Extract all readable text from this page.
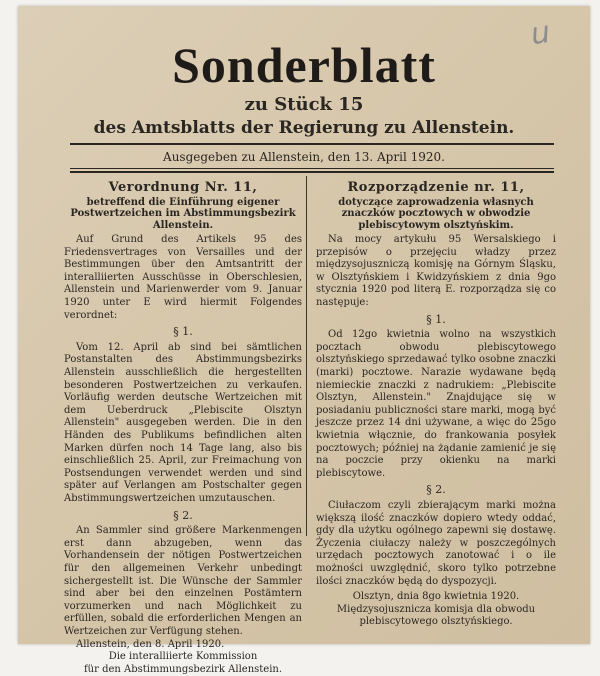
u
Sonderblatt
zu Stück 15
des Amtsblatts der Regierung zu Allenstein.
Ausgegeben zu Allenstein, den 13. April 1920.

Verordnung Nr. 11,

betreffend die Einführung eigener Postwertzeichen im Abstimmungsbezirk Allenstein.

Auf Grund des Artikels 95 des Friedensvertrages von Versailles und der Bestimmungen über den Amtsantritt der interalliierten Ausschüsse in Oberschlesien, Allenstein und Marienwerder vom 9. Januar 1920 unter E wird hiermit Folgendes verordnet:

§ 1.

Vom 12. April ab sind bei sämtlichen Postanstalten des Abstimmungsbezirks Allenstein ausschließlich die hergestellten besonderen Postwertzeichen zu verkaufen. Vorläufig werden deutsche Wertzeichen mit dem Ueberdruck „Plebiscite Olsztyn Allenstein" ausgegeben werden. Die in den Händen des Publikums befindlichen alten Marken dürfen noch 14 Tage lang, also bis einschließlich 25. April, zur Freimachung von Postsendungen verwendet werden und sind später auf Verlangen am Postschalter gegen Abstimmungswertzeichen umzutauschen.

§ 2.

An Sammler sind größere Markenmengen erst dann abzugeben, wenn das Vorhandensein der nötigen Postwertzeichen für den allgemeinen Verkehr unbedingt sichergestellt ist. Die Wünsche der Sammler sind aber bei den einzelnen Postämtern vorzumerken und nach Möglichkeit zu erfüllen, sobald die erforderlichen Mengen an Wertzeichen zur Verfügung stehen.

Allenstein, den 8. April 1920.

Die interalliierte Kommission

für den Abstimmungsbezirk Allenstein.

Rozporządzenie nr. 11,

dotyczące zaprowadzenia własnych znaczków pocztowych w obwodzie plebiscytowym olsztyńskim.

Na mocy artykułu 95 Wersalskiego i przepisów o przejęciu władzy przez międzysojuszniczą komisję na Górnym Śląsku, w Olsztyńskiem i Kwidzyńskiem z dnia 9go stycznia 1920 pod literą E. rozporządza się co następuje:

§ 1.

Od 12go kwietnia wolno na wszystkich pocztach obwodu plebiscytowego olsztyńskiego sprzedawać tylko osobne znaczki (marki) pocztowe. Narazie wydawane będą niemieckie znaczki z nadrukiem: „Plebiscite Olsztyn, Allenstein." Znajdujące się w posiadaniu publiczności stare marki, mogą być jeszcze przez 14 dni używane, a więc do 25go kwietnia włącznie, do frankowania posyłek pocztowych; później na żądanie zamienić je się na poczcie przy okienku na marki plebiscytowe.

§ 2.

Ciułaczom czyli zbierającym marki można większą ilość znaczków dopiero wtedy oddać, gdy dla użytku ogólnego zapewni się dostawę. Życzenia ciułaczy należy w poszczególnych urzędach pocztowych zanotować i o ile możności uwzględnić, skoro tylko potrzebne ilości znaczków będą do dyspozycji.

Olsztyn, dnia 8go kwietnia 1920.

Międzysojusznicza komisja dla obwodu

plebiscytowego olsztyńskiego.
